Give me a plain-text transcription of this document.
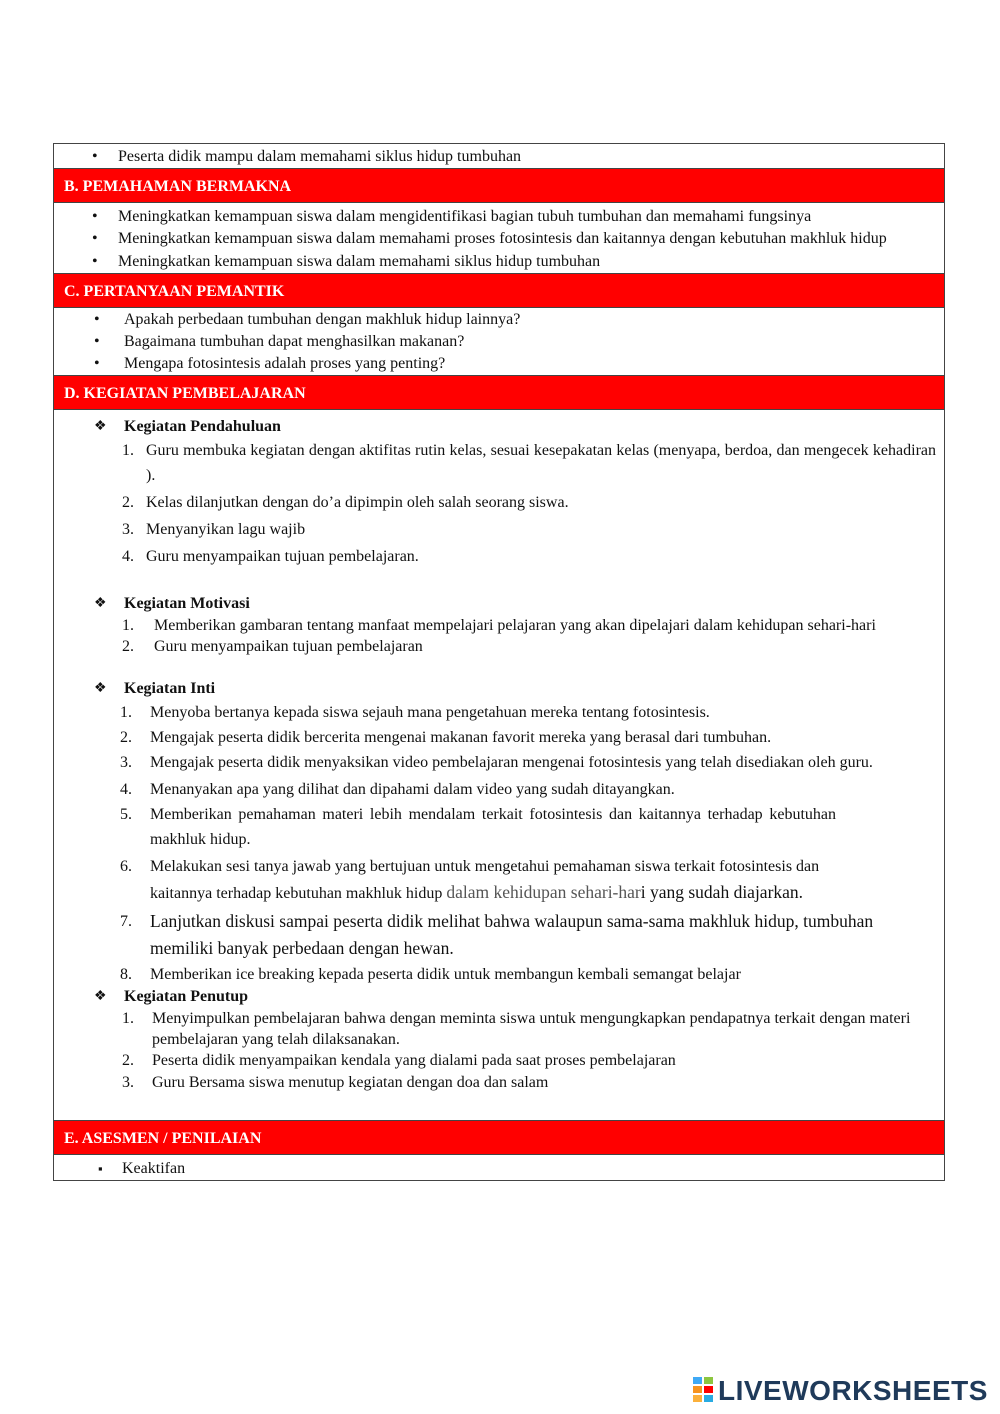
• Peserta didik mampu dalam memahami siklus hidup tumbuhan
B. PEMAHAMAN BERMAKNA
• Meningkatkan kemampuan siswa dalam mengidentifikasi bagian tubuh tumbuhan dan memahami fungsinya
• Meningkatkan kemampuan siswa dalam memahami proses fotosintesis dan kaitannya dengan kebutuhan makhluk hidup
• Meningkatkan kemampuan siswa dalam memahami siklus hidup tumbuhan
C. PERTANYAAN PEMANTIK
• Apakah perbedaan tumbuhan dengan makhluk hidup lainnya?
• Bagaimana tumbuhan dapat menghasilkan makanan?
• Mengapa fotosintesis adalah proses yang penting?
D. KEGIATAN PEMBELAJARAN
❖ Kegiatan Pendahuluan
1. Guru membuka kegiatan dengan aktifitas rutin kelas, sesuai kesepakatan kelas (menyapa, berdoa, dan mengecek kehadiran ).
2. Kelas dilanjutkan dengan do’a dipimpin oleh salah seorang siswa.
3. Menyanyikan lagu wajib
4. Guru menyampaikan tujuan pembelajaran.
❖ Kegiatan Motivasi
1. Memberikan gambaran tentang manfaat mempelajari pelajaran yang akan dipelajari dalam kehidupan sehari-hari
2. Guru menyampaikan tujuan pembelajaran
❖ Kegiatan Inti
1. Menyoba bertanya kepada siswa sejauh mana pengetahuan mereka tentang fotosintesis.
2. Mengajak peserta didik bercerita mengenai makanan favorit mereka yang berasal dari tumbuhan.
3. Mengajak peserta didik menyaksikan video pembelajaran mengenai fotosintesis yang telah disediakan oleh guru.
4. Menanyakan apa yang dilihat dan dipahami dalam video yang sudah ditayangkan.
5. Memberikan pemahaman materi lebih mendalam terkait fotosintesis dan kaitannya terhadap kebutuhan makhluk hidup.
6. Melakukan sesi tanya jawab yang bertujuan untuk mengetahui pemahaman siswa terkait fotosintesis dan kaitannya terhadap kebutuhan makhluk hidup dalam kehidupan sehari-hari yang sudah diajarkan.
7. Lanjutkan diskusi sampai peserta didik melihat bahwa walaupun sama-sama makhluk hidup, tumbuhan memiliki banyak perbedaan dengan hewan.
8. Memberikan ice breaking kepada peserta didik untuk membangun kembali semangat belajar
❖ Kegiatan Penutup
1. Menyimpulkan pembelajaran bahwa dengan meminta siswa untuk mengungkapkan pendapatnya terkait dengan materi pembelajaran yang telah dilaksanakan.
2. Peserta didik menyampaikan kendala yang dialami pada saat proses pembelajaran
3. Guru Bersama siswa menutup kegiatan dengan doa dan salam
E. ASESMEN / PENILAIAN
▪ Keaktifan
LIVEWORKSHEETS
